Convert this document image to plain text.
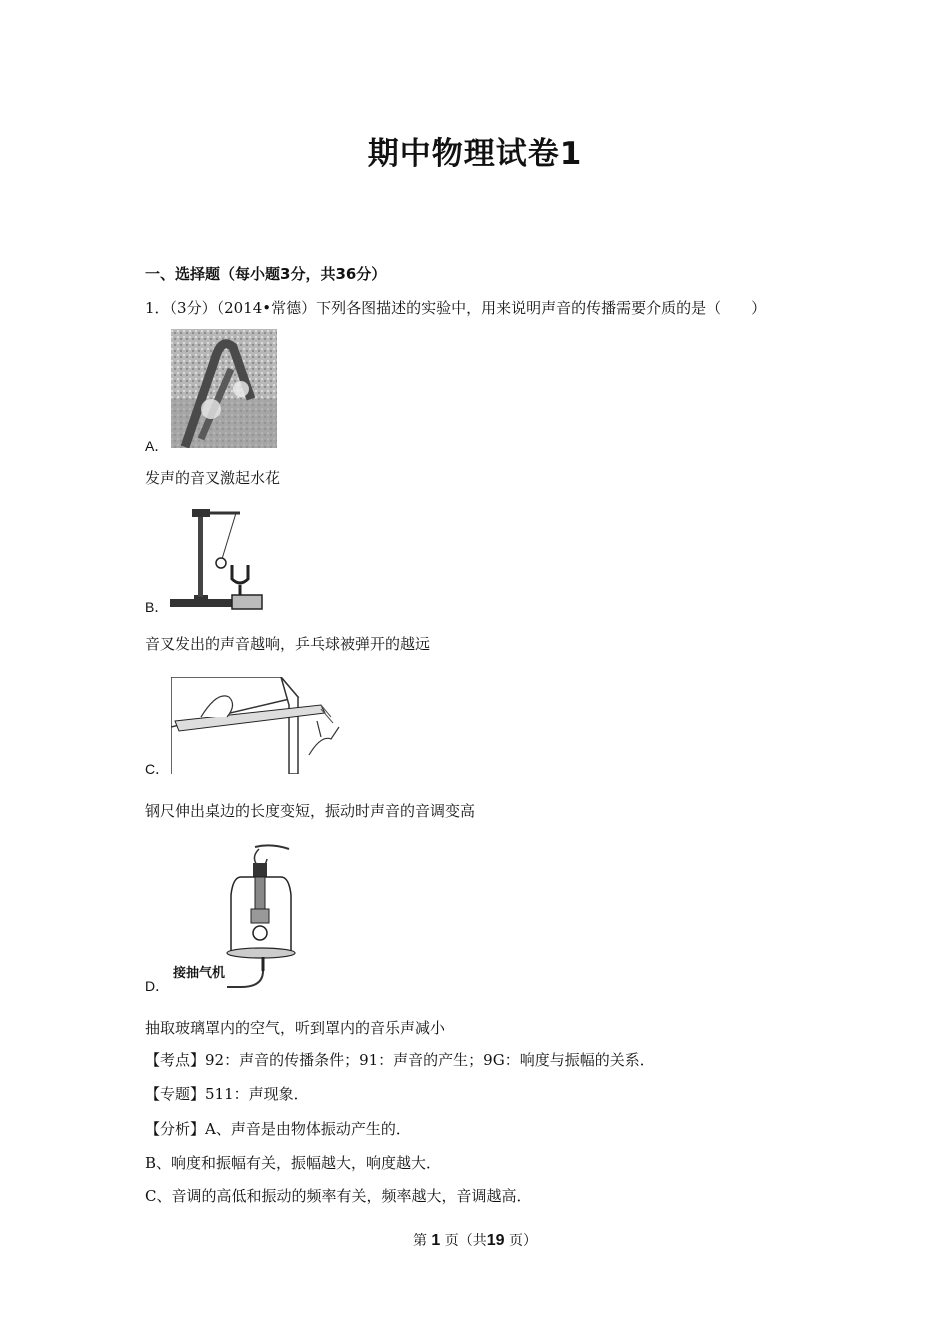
期中物理试卷1
一、选择题（每小题3分，共36分）
1．（3分）（2014•常德）下列各图描述的实验中，用来说明声音的传播需要介质的是（　　）
A．
发声的音叉激起水花
B．
音叉发出的声音越响，乒乓球被弹开的越远
C．
钢尺伸出桌边的长度变短，振动时声音的音调变高
接抽气机
D．
抽取玻璃罩内的空气，听到罩内的音乐声减小
【考点】92：声音的传播条件；91：声音的产生；9G：响度与振幅的关系．
【专题】511：声现象．
【分析】A、声音是由物体振动产生的．
B、响度和振幅有关，振幅越大，响度越大．
C、音调的高低和振动的频率有关，频率越大，音调越高．
第 1 页（共19 页）
